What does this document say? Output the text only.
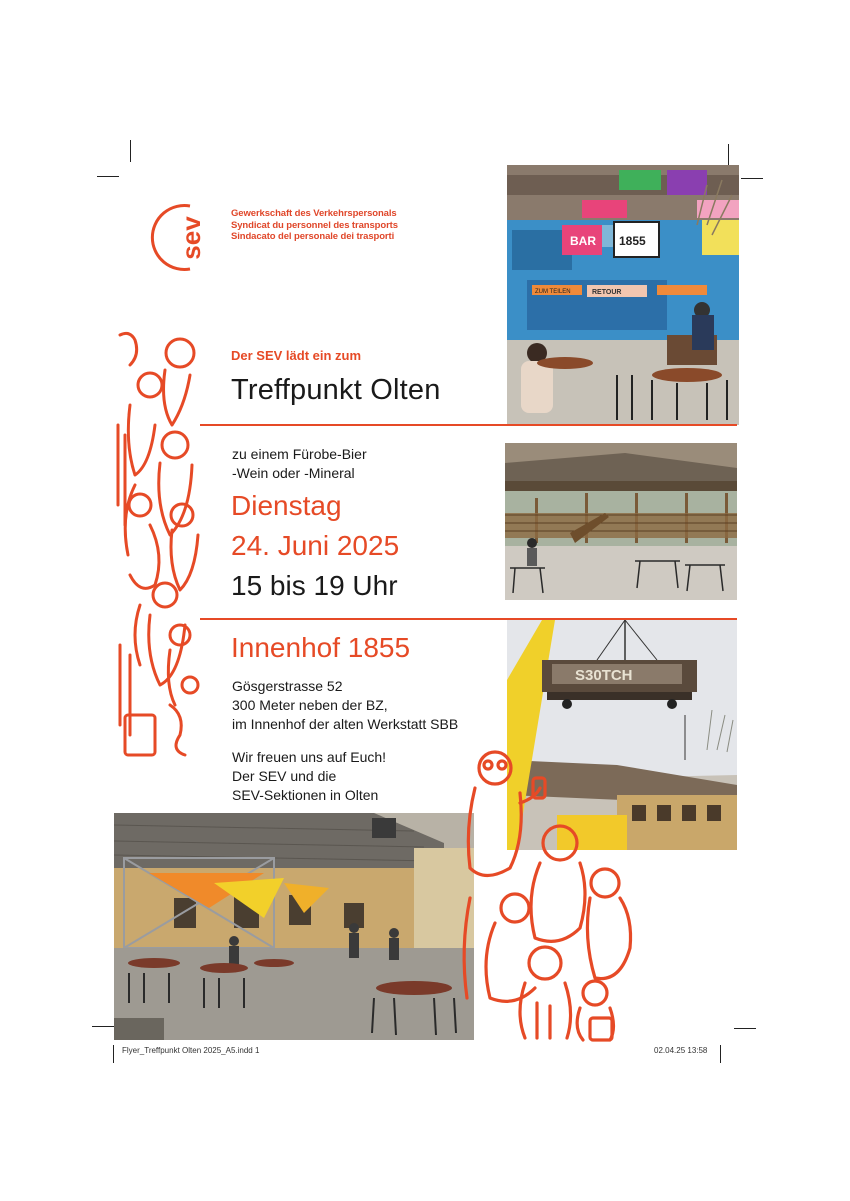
sev
Gewerkschaft des Verkehrspersonals
Syndicat du personnel des transports
Sindacato del personale dei trasporti	BAR 1855
RETOUR
ZUM TEILEN
S30TCH
Der SEV lädt ein zum
Treffpunkt Olten
zu einem Fürobe-Bier
-Wein oder -Mineral
Dienstag
24. Juni 2025
15 bis 19 Uhr
Innenhof 1855
Gösgerstrasse 52
300 Meter neben der BZ,
im Innenhof der alten Werkstatt SBB
Wir freuen uns auf Euch!
Der SEV und die
SEV-Sektionen in Olten
Flyer_Treffpunkt Olten 2025_A5.indd 1	02.04.25 13:58
